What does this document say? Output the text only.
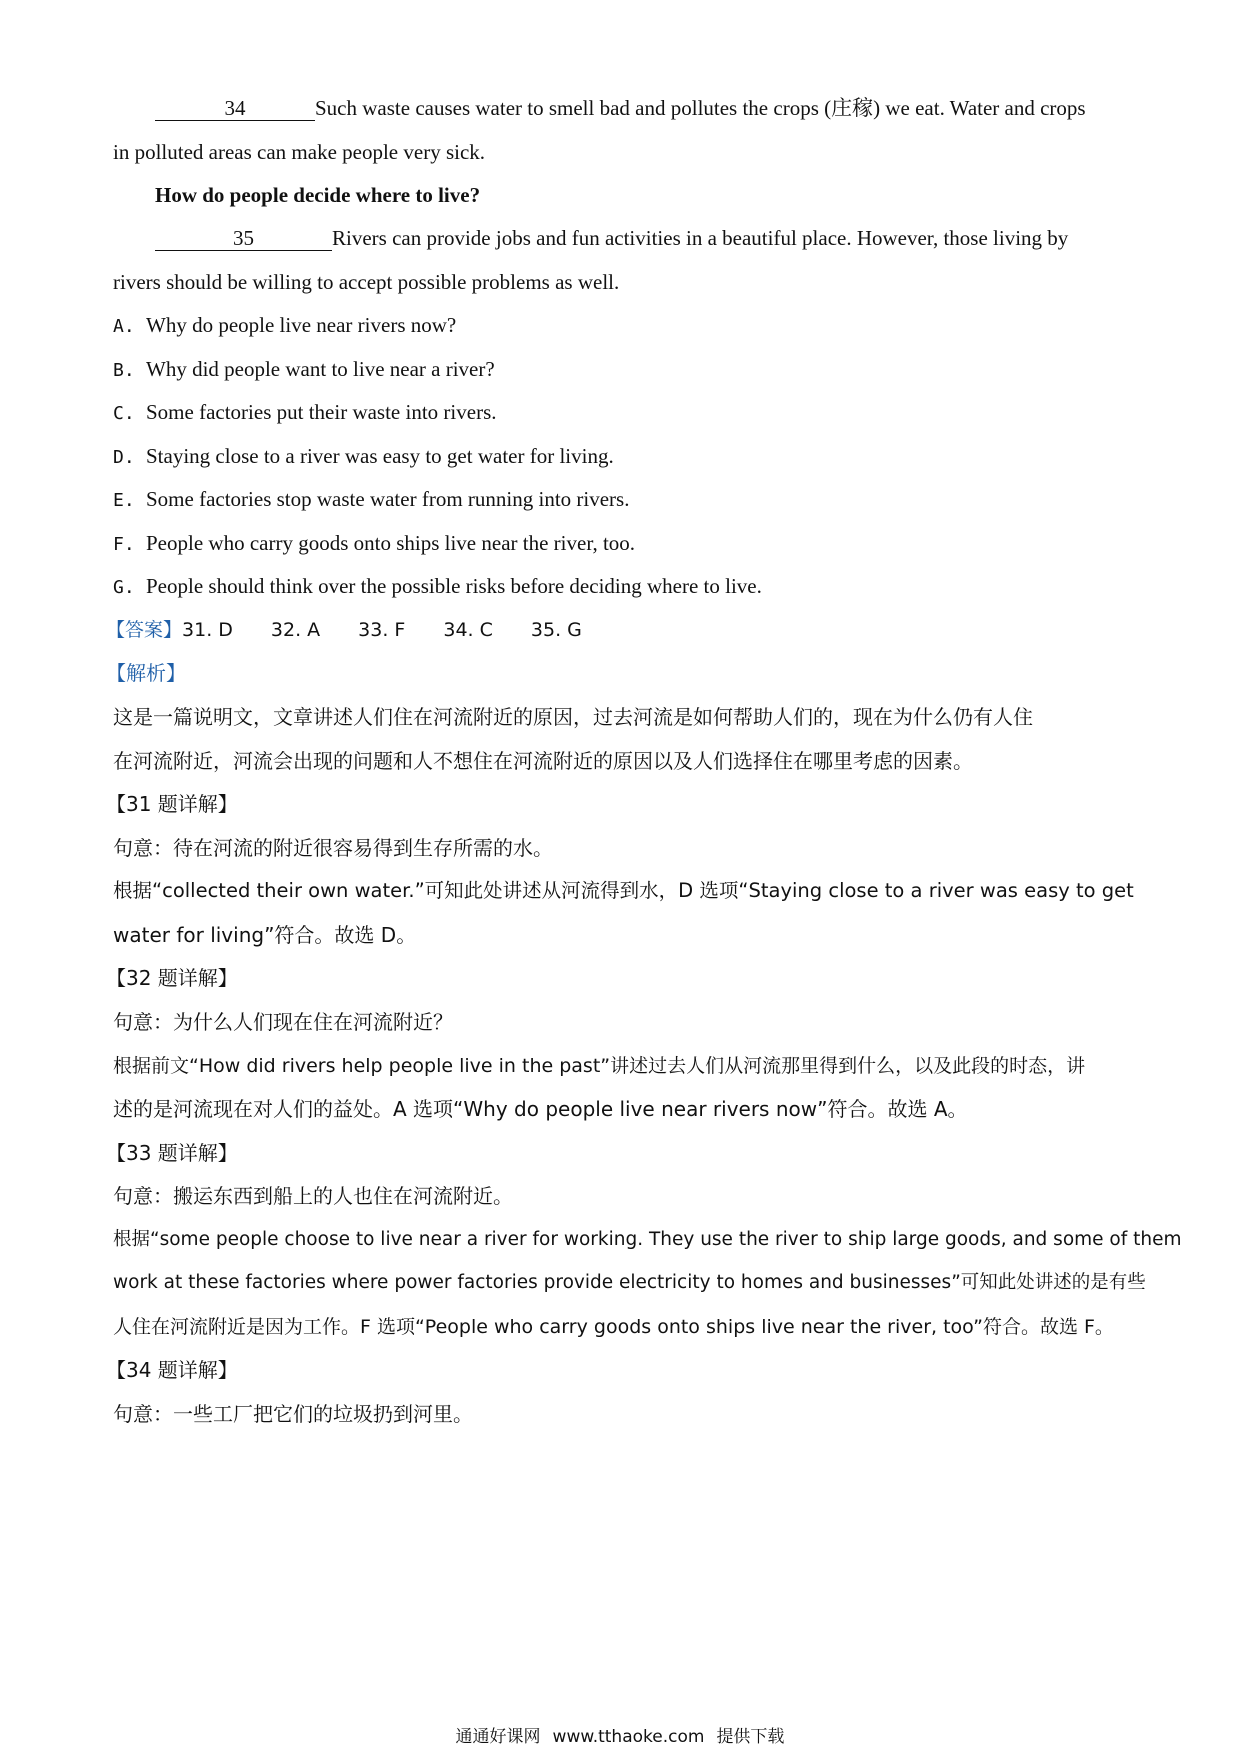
34	Such waste causes water to smell bad and pollutes the crops (庄稼) we eat. Water and crops
in polluted areas can make people very sick.
How do people decide where to live?
35	Rivers can provide jobs and fun activities in a beautiful place. However, those living by
rivers should be willing to accept possible problems as well.
A. Why do people live near rivers now?
B. Why did people want to live near a river?
C. Some factories put their waste into rivers.
D. Staying close to a river was easy to get water for living.
E. Some factories stop waste water from running into rivers.
F. People who carry goods onto ships live near the river, too.
G. People should think over the possible risks before deciding where to live.
【答案】31. D 32. A 33. F 34. C 35. G
【解析】
这是一篇说明文，文章讲述人们住在河流附近的原因，过去河流是如何帮助人们的，现在为什么仍有人住
在河流附近，河流会出现的问题和人不想住在河流附近的原因以及人们选择住在哪里考虑的因素。
【31 题详解】
句意：待在河流的附近很容易得到生存所需的水。
根据“collected their own water.”可知此处讲述从河流得到水，D 选项“Staying close to a river was easy to get
water for living”符合。故选 D。
【32 题详解】
句意：为什么人们现在住在河流附近？
根据前文“How did rivers help people live in the past”讲述过去人们从河流那里得到什么，以及此段的时态，讲
述的是河流现在对人们的益处。A 选项“Why do people live near rivers now”符合。故选 A。
【33 题详解】
句意：搬运东西到船上的人也住在河流附近。
根据“some people choose to live near a river for working. They use the river to ship large goods, and some of them
work at these factories where power factories provide electricity to homes and businesses”可知此处讲述的是有些
人住在河流附近是因为工作。F 选项“People who carry goods onto ships live near the river, too”符合。故选 F。
【34 题详解】
句意：一些工厂把它们的垃圾扔到河里。
通通好课网 www.tthaoke.com 提供下载
